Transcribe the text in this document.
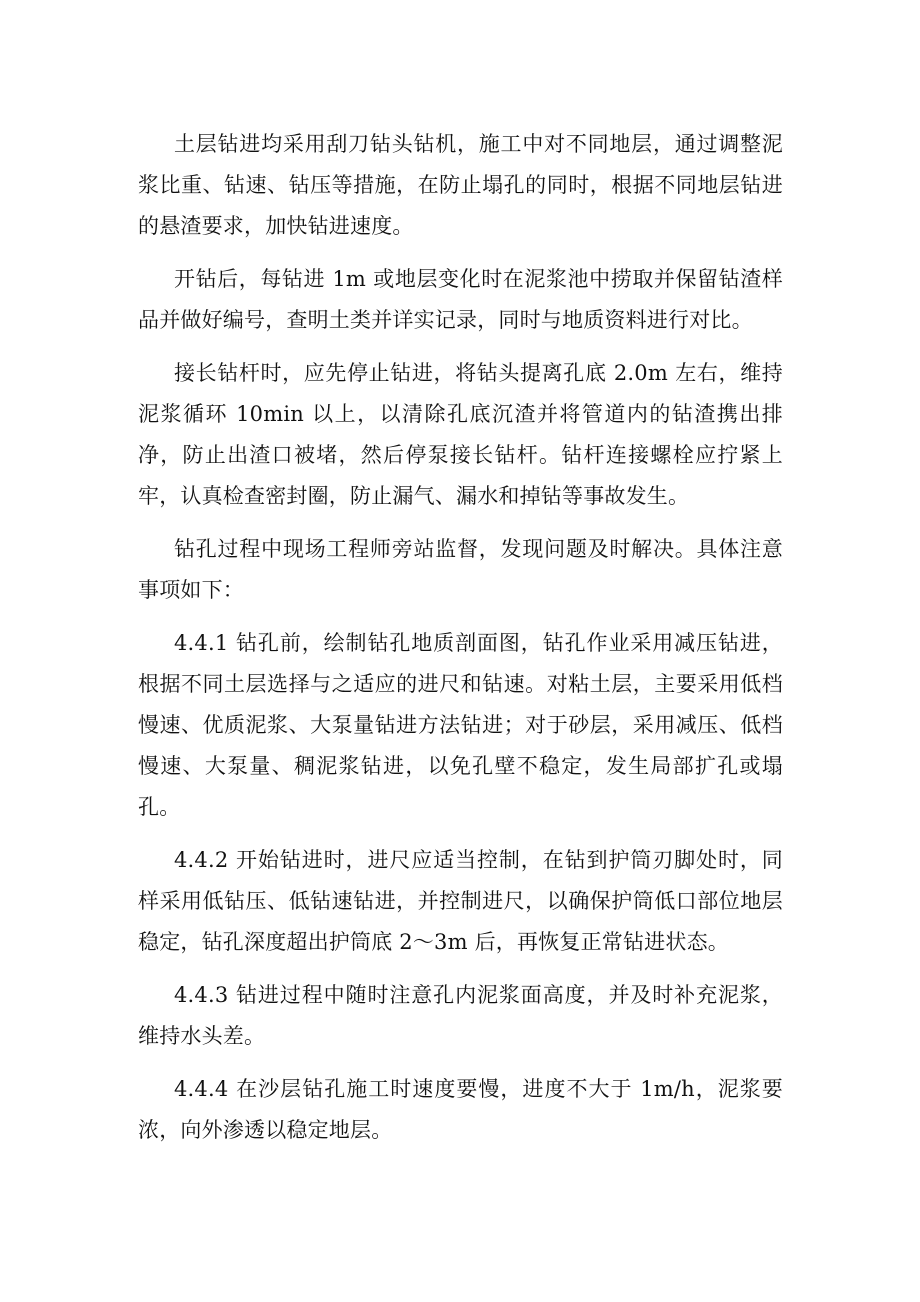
土层钻进均采用刮刀钻头钻机，施工中对不同地层，通过调整泥浆比重、钻速、钻压等措施，在防止塌孔的同时，根据不同地层钻进的悬渣要求，加快钻进速度。

开钻后，每钻进 1m 或地层变化时在泥浆池中捞取并保留钻渣样品并做好编号，查明土类并详实记录，同时与地质资料进行对比。

接长钻杆时，应先停止钻进，将钻头提离孔底 2.0m 左右，维持泥浆循环 10min 以上，以清除孔底沉渣并将管道内的钻渣携出排净，防止出渣口被堵，然后停泵接长钻杆。钻杆连接螺栓应拧紧上牢，认真检查密封圈，防止漏气、漏水和掉钻等事故发生。

钻孔过程中现场工程师旁站监督，发现问题及时解决。具体注意事项如下：

4.4.1 钻孔前，绘制钻孔地质剖面图，钻孔作业采用减压钻进，根据不同土层选择与之适应的进尺和钻速。对粘土层，主要采用低档慢速、优质泥浆、大泵量钻进方法钻进；对于砂层，采用减压、低档慢速、大泵量、稠泥浆钻进，以免孔壁不稳定，发生局部扩孔或塌孔。

4.4.2 开始钻进时，进尺应适当控制，在钻到护筒刃脚处时，同样采用低钻压、低钻速钻进，并控制进尺，以确保护筒低口部位地层稳定，钻孔深度超出护筒底 2～3m 后，再恢复正常钻进状态。

4.4.3 钻进过程中随时注意孔内泥浆面高度，并及时补充泥浆，维持水头差。

4.4.4 在沙层钻孔施工时速度要慢，进度不大于 1m/h，泥浆要浓，向外渗透以稳定地层。
